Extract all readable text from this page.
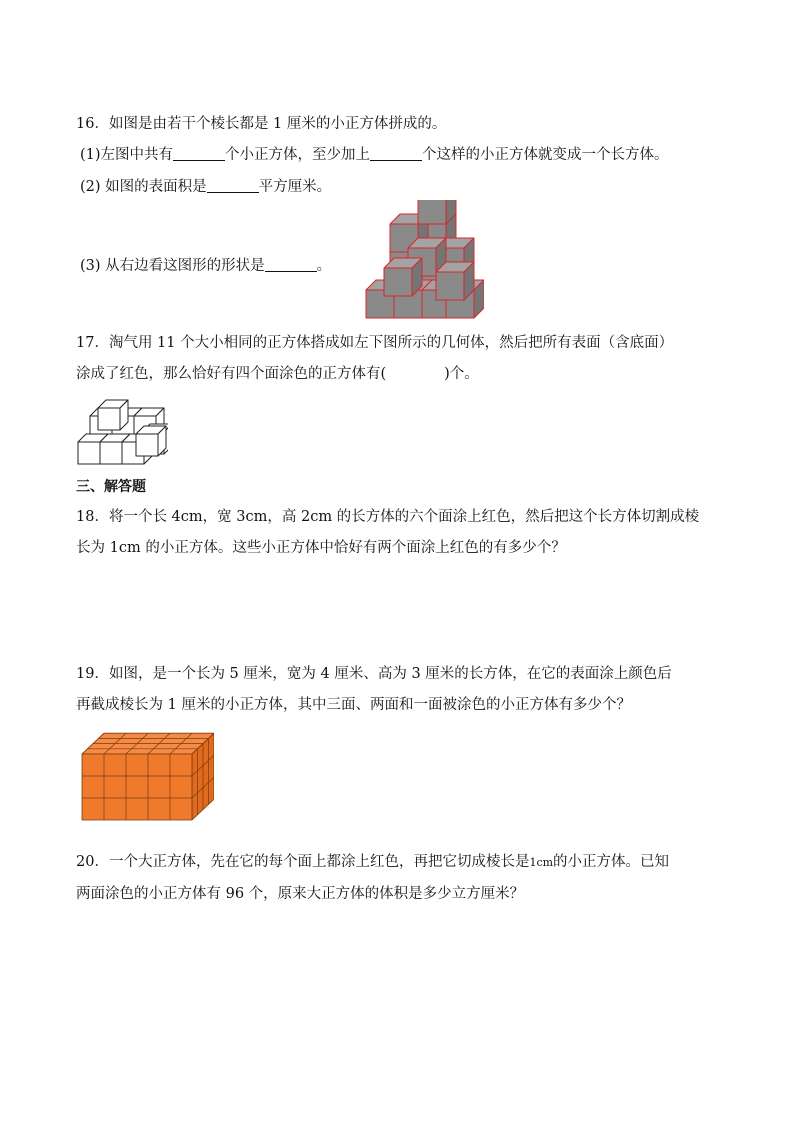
16．如图是由若干个棱长都是 1 厘米的小正方体拼成的。
(1)左图中共有	个小正方体，至少加上	个这样的小正方体就变成一个长方体。
(2) 如图的表面积是	平方厘米。
(3) 从右边看这图形的形状是	。
17．淘气用 11 个大小相同的正方体搭成如左下图所示的几何体，然后把所有表面（含底面）
涂成了红色，那么恰好有四个面涂色的正方体有(　　　　)个。
三、解答题
18．将一个长 4cm，宽 3cm，高 2cm 的长方体的六个面涂上红色，然后把这个长方体切割成棱
长为 1cm 的小正方体。这些小正方体中恰好有两个面涂上红色的有多少个？
19．如图，是一个长为 5 厘米，宽为 4 厘米、高为 3 厘米的长方体，在它的表面涂上颜色后
再截成棱长为 1 厘米的小正方体，其中三面、两面和一面被涂色的小正方体有多少个？
20．一个大正方体，先在它的每个面上都涂上红色，再把它切成棱长是1cm的小正方体。已知
两面涂色的小正方体有 96 个，原来大正方体的体积是多少立方厘米？
